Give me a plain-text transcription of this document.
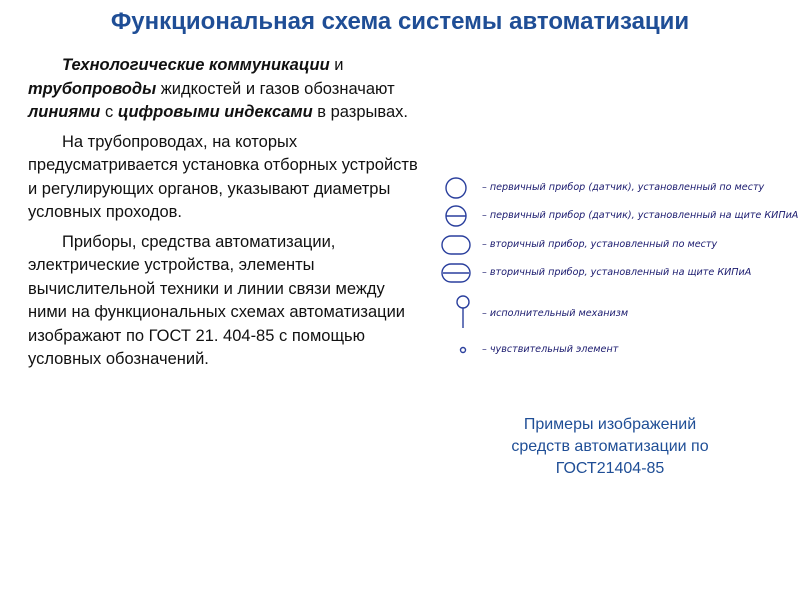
Функциональная схема системы автоматизации

Технологические коммуникации и трубопроводы жидкостей и газов обозначают линиями с цифровыми индексами в разрывах.

На трубопроводах, на которых предусматривается установка отборных устройств и регулирующих органов, указывают диаметры условных проходов.

Приборы, средства автоматизации, электрические устройства, элементы вычислительной техники и линии связи между ними на функциональных схемах автоматизации изображают по ГОСТ 21. 404-85 с помощью условных обозначений.

– первичный прибор (датчик), установленный по месту
– первичный прибор (датчик), установленный на щите КИПиА
– вторичный прибор, установленный по месту
– вторичный прибор, установленный на щите КИПиА
– исполнительный механизм
– чувствительный элемент
Примеры изображений
средств автоматизации по
ГОСТ21404-85
